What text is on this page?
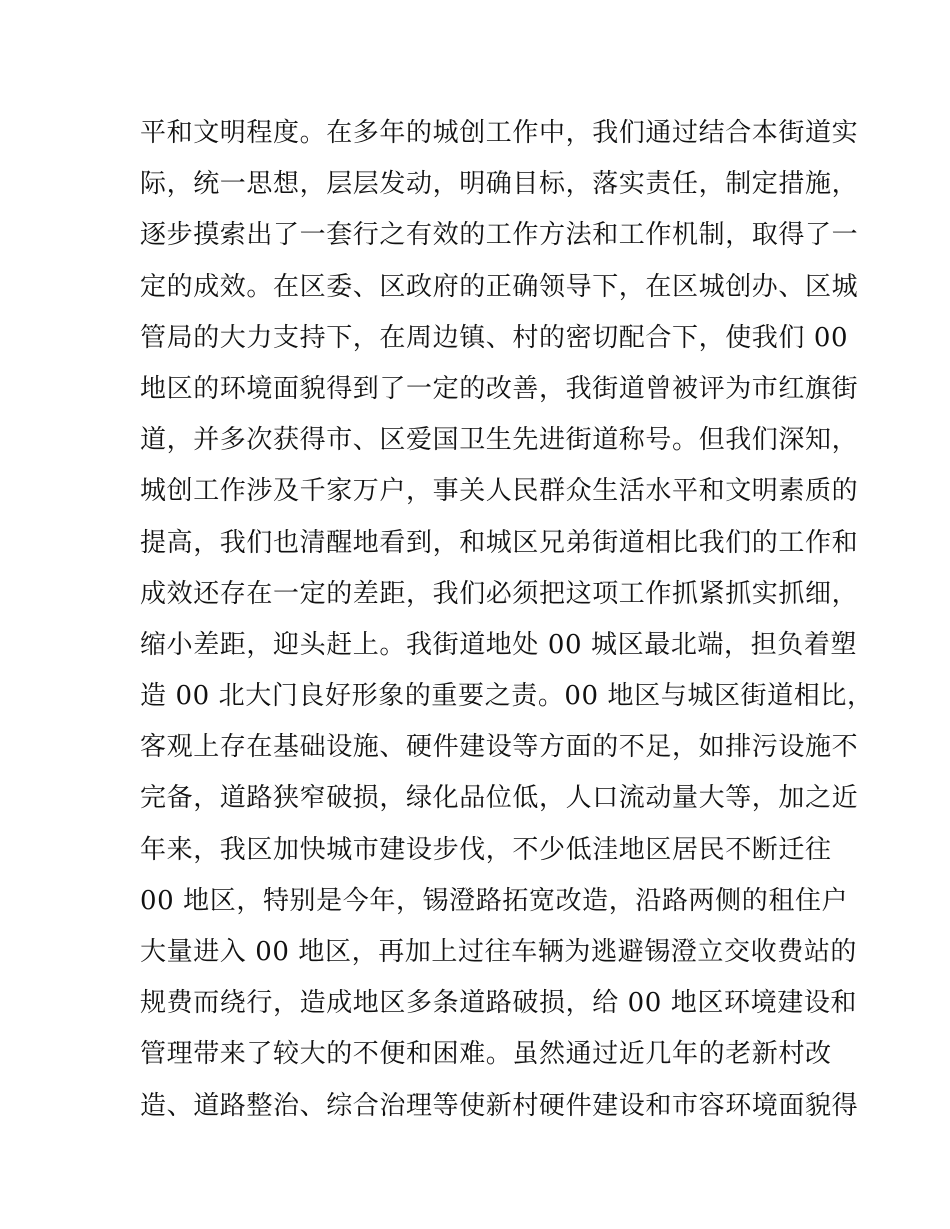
平和文明程度。在多年的城创工作中，我们通过结合本街道实
际，统一思想，层层发动，明确目标，落实责任，制定措施，
逐步摸索出了一套行之有效的工作方法和工作机制，取得了一
定的成效。在区委、区政府的正确领导下，在区城创办、区城
管局的大力支持下，在周边镇、村的密切配合下，使我们 00
地区的环境面貌得到了一定的改善，我街道曾被评为市红旗街
道，并多次获得市、区爱国卫生先进街道称号。但我们深知，
城创工作涉及千家万户，事关人民群众生活水平和文明素质的
提高，我们也清醒地看到，和城区兄弟街道相比我们的工作和
成效还存在一定的差距，我们必须把这项工作抓紧抓实抓细，
缩小差距，迎头赶上。我街道地处 00 城区最北端，担负着塑
造 00 北大门良好形象的重要之责。00 地区与城区街道相比，
客观上存在基础设施、硬件建设等方面的不足，如排污设施不
完备，道路狭窄破损，绿化品位低，人口流动量大等，加之近
年来，我区加快城市建设步伐，不少低洼地区居民不断迁往
00 地区，特别是今年，锡澄路拓宽改造，沿路两侧的租住户
大量进入 00 地区，再加上过往车辆为逃避锡澄立交收费站的
规费而绕行，造成地区多条道路破损，给 00 地区环境建设和
管理带来了较大的不便和困难。虽然通过近几年的老新村改
造、道路整治、综合治理等使新村硬件建设和市容环境面貌得
